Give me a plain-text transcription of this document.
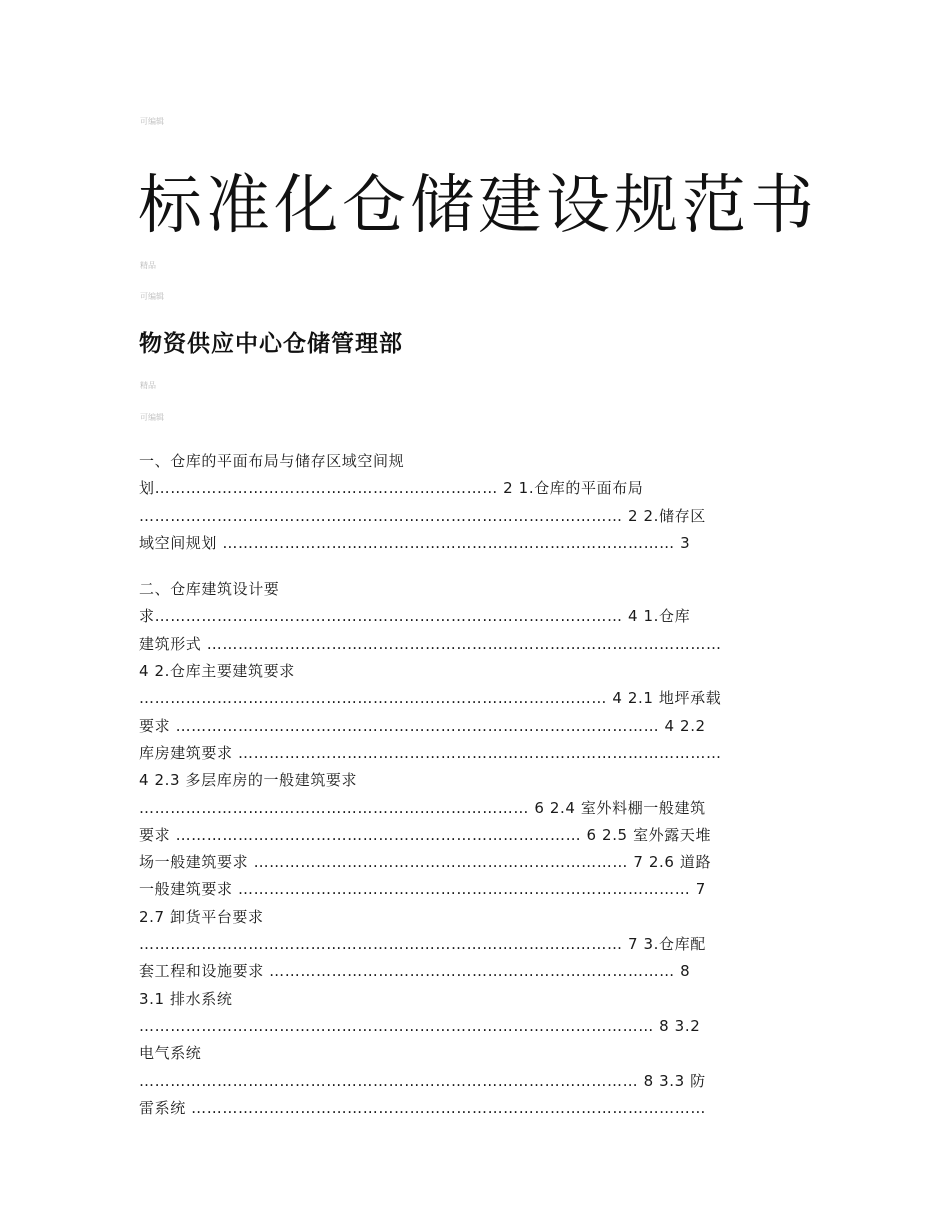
可编辑
标准化仓储建设规范书
精品
可编辑
物资供应中心仓储管理部
精品
可编辑
一、仓库的平面布局与储存区域空间规
划………………………………………………………… 2 1.仓库的平面布局
………………………………………………………………………………… 2 2.储存区
域空间规划 …………………………………………………………………………… 3
二、仓库建筑设计要
求……………………………………………………………………………… 4 1.仓库
建筑形式 ………………………………………………………………………………………
4 2.仓库主要建筑要求
……………………………………………………………………………… 4 2.1 地坪承载
要求 ………………………………………………………………………………… 4 2.2
库房建筑要求 …………………………………………………………………………………
4 2.3 多层库房的一般建筑要求
………………………………………………………………… 6 2.4 室外料棚一般建筑
要求 …………………………………………………………………… 6 2.5 室外露天堆
场一般建筑要求 ……………………………………………………………… 7 2.6 道路
一般建筑要求 …………………………………………………………………………… 7
2.7 卸货平台要求
………………………………………………………………………………… 7 3.仓库配
套工程和设施要求 …………………………………………………………………… 8
3.1 排水系统
……………………………………………………………………………………… 8 3.2
电气系统
…………………………………………………………………………………… 8 3.3 防
雷系统 ………………………………………………………………………………………
